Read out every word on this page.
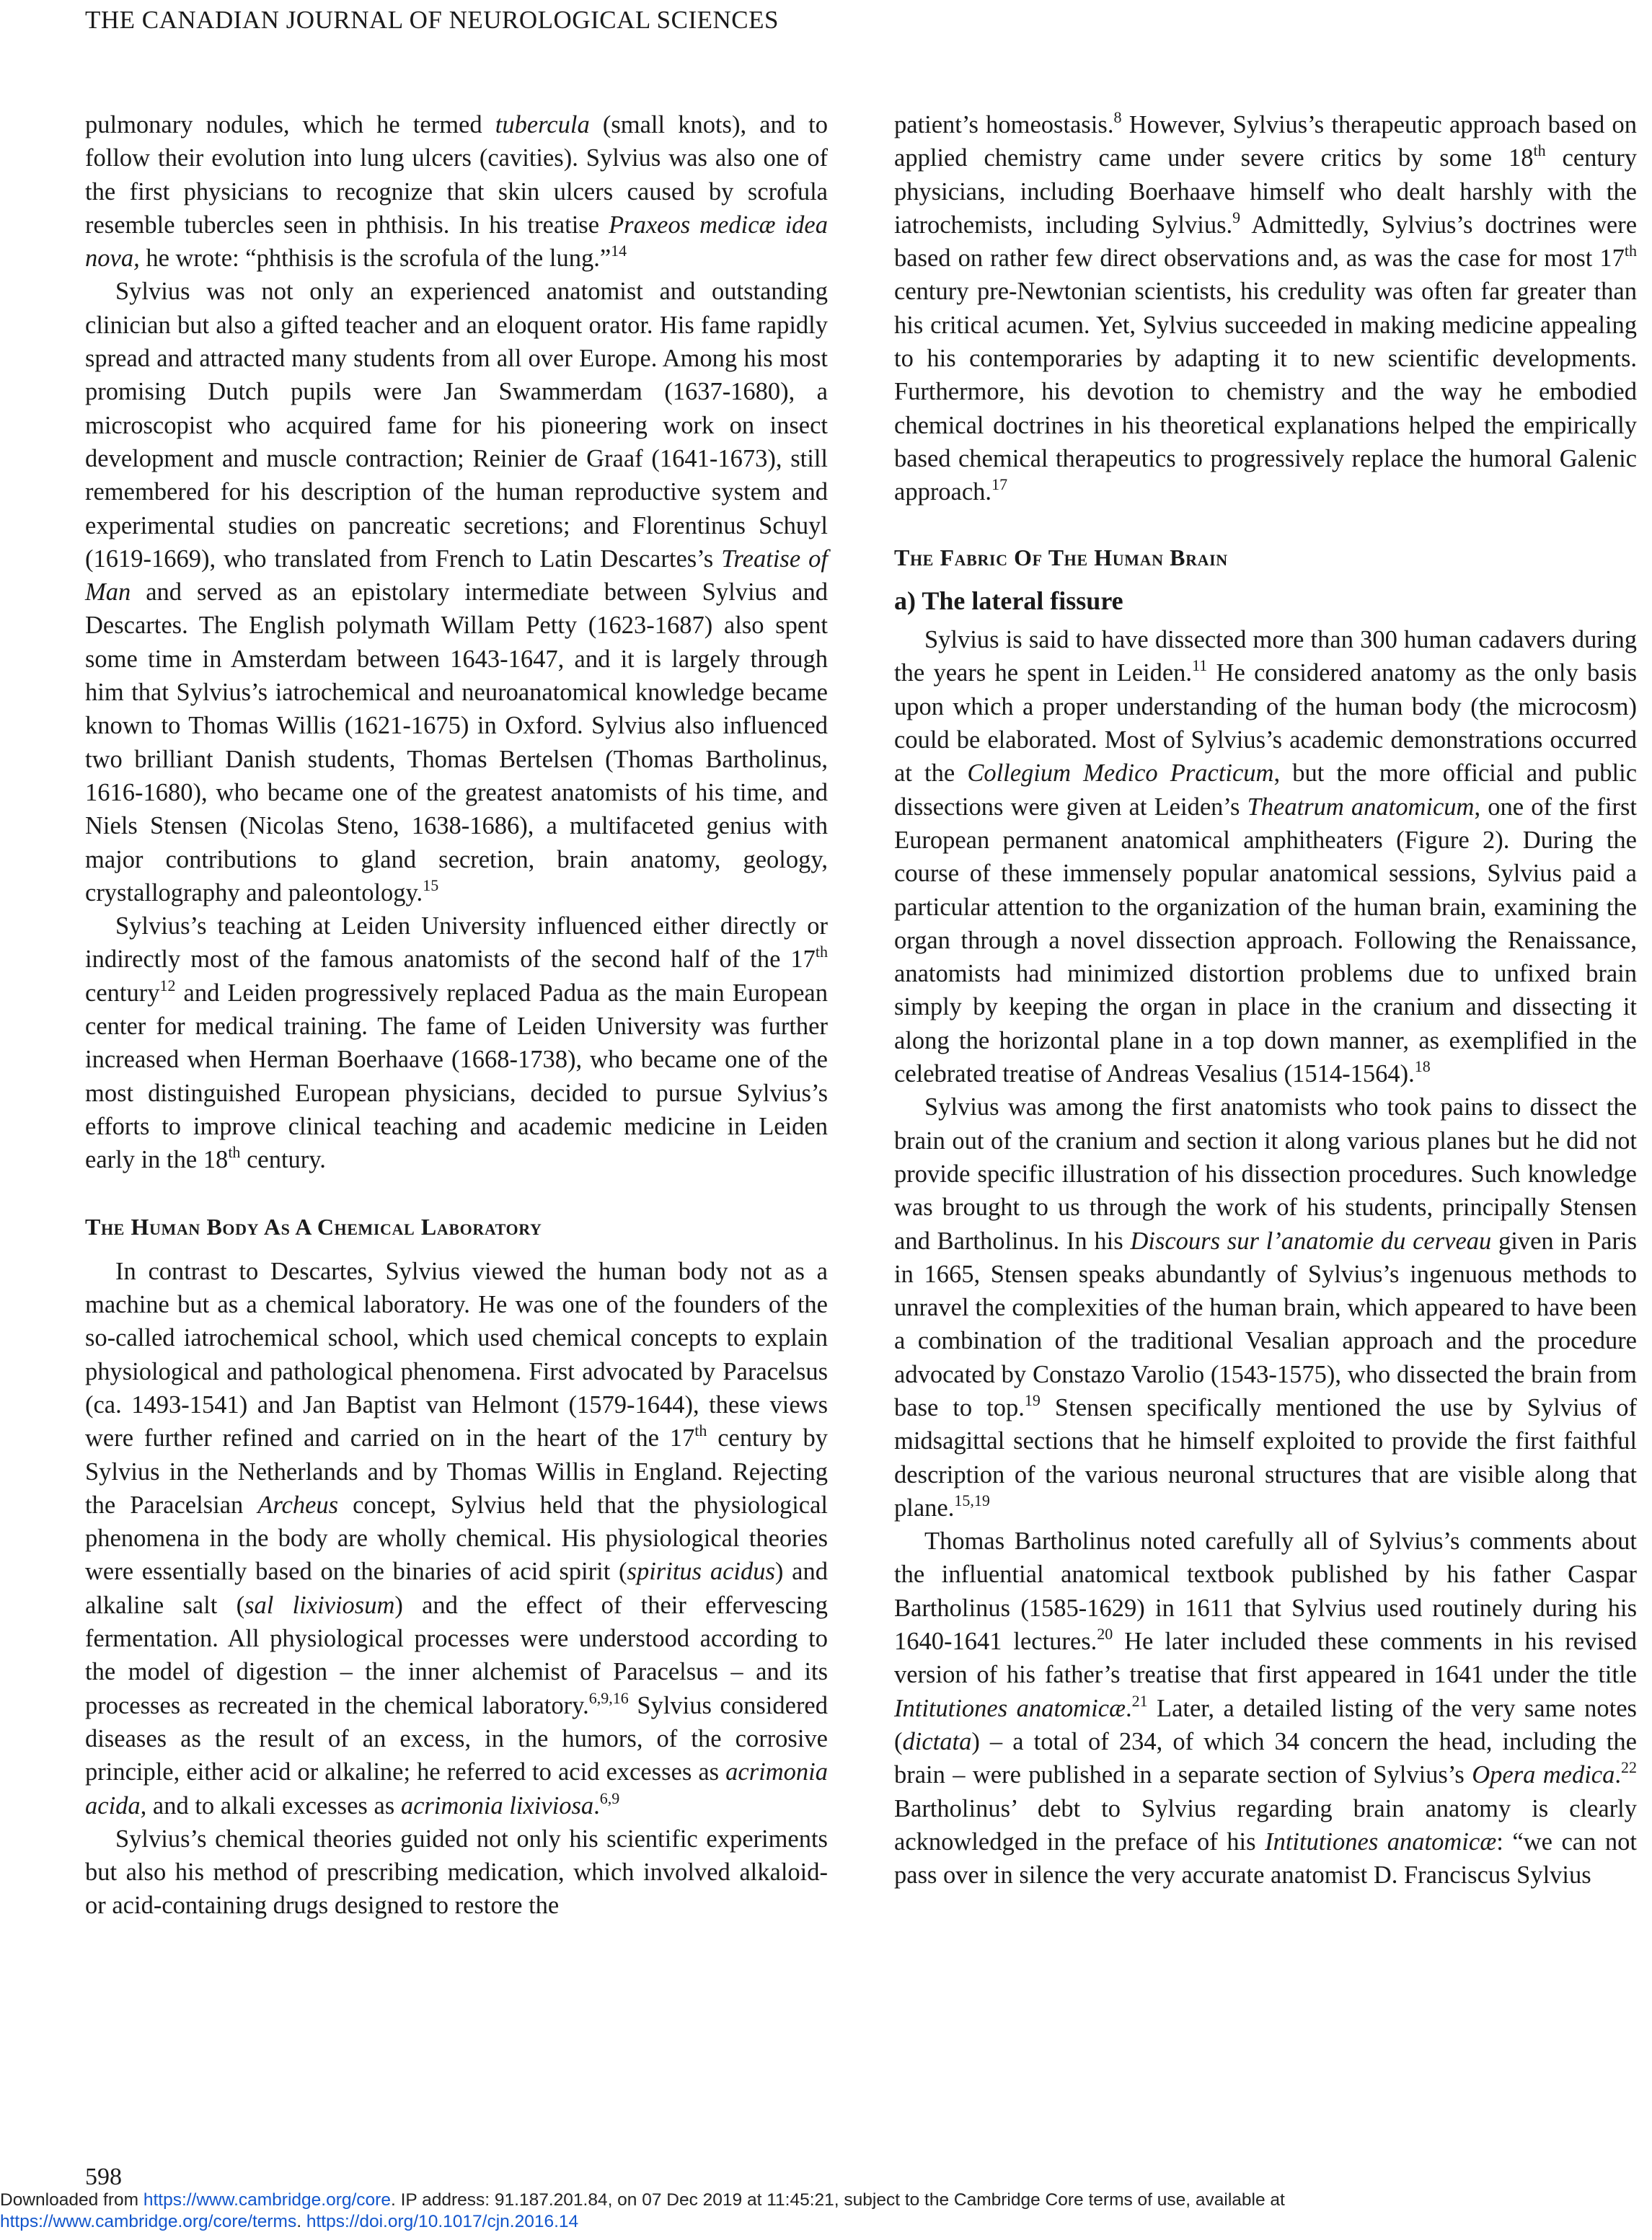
THE CANADIAN JOURNAL OF NEUROLOGICAL SCIENCES

pulmonary nodules, which he termed tubercula (small knots), and to follow their evolution into lung ulcers (cavities). Sylvius was also one of the first physicians to recognize that skin ulcers caused by scrofula resemble tubercles seen in phthisis. In his treatise Praxeos medicæ idea nova, he wrote: “phthisis is the scrofula of the lung.”$^{14}$

Sylvius was not only an experienced anatomist and outstanding clinician but also a gifted teacher and an eloquent orator. His fame rapidly spread and attracted many students from all over Europe. Among his most promising Dutch pupils were Jan Swammerdam (1637-1680), a microscopist who acquired fame for his pioneering work on insect development and muscle contraction; Reinier de Graaf (1641-1673), still remembered for his description of the human reproductive system and experimental studies on pancreatic secretions; and Florentinus Schuyl (1619-1669), who translated from French to Latin Descartes’s Treatise of Man and served as an epistolary intermediate between Sylvius and Descartes. The English polymath Willam Petty (1623-1687) also spent some time in Amsterdam between 1643-1647, and it is largely through him that Sylvius’s iatrochemical and neuroanatomical knowledge became known to Thomas Willis (1621-1675) in Oxford. Sylvius also influenced two brilliant Danish students, Thomas Bertelsen (Thomas Bartholinus, 1616-1680), who became one of the greatest anatomists of his time, and Niels Stensen (Nicolas Steno, 1638-1686), a multifaceted genius with major contributions to gland secretion, brain anatomy, geology, crystallography and paleontology.$^{15}$

Sylvius’s teaching at Leiden University influenced either directly or indirectly most of the famous anatomists of the second half of the 17th century$^{12}$ and Leiden progressively replaced Padua as the main European center for medical training. The fame of Leiden University was further increased when Herman Boerhaave (1668-1738), who became one of the most distinguished European physicians, decided to pursue Sylvius’s efforts to improve clinical teaching and academic medicine in Leiden early in the 18th century.

The Human Body As A Chemical Laboratory

In contrast to Descartes, Sylvius viewed the human body not as a machine but as a chemical laboratory. He was one of the founders of the so-called iatrochemical school, which used chemical concepts to explain physiological and pathological phenomena. First advocated by Paracelsus (ca. 1493-1541) and Jan Baptist van Helmont (1579-1644), these views were further refined and carried on in the heart of the 17th century by Sylvius in the Netherlands and by Thomas Willis in England. Rejecting the Paracelsian Archeus concept, Sylvius held that the physiological phenomena in the body are wholly chemical. His physiological theories were essentially based on the binaries of acid spirit (spiritus acidus) and alkaline salt (sal lixiviosum) and the effect of their effervescing fermentation. All physiological processes were understood according to the model of digestion – the inner alchemist of Paracelsus – and its processes as recreated in the chemical laboratory.$^{6,9,16}$ Sylvius considered diseases as the result of an excess, in the humors, of the corrosive principle, either acid or alkaline; he referred to acid excesses as acrimonia acida, and to alkali excesses as acrimonia lixiviosa.$^{6,9}$

Sylvius’s chemical theories guided not only his scientific experiments but also his method of prescribing medication, which involved alkaloid- or acid-containing drugs designed to restore the

patient’s homeostasis.$^8$ However, Sylvius’s therapeutic approach based on applied chemistry came under severe critics by some 18th century physicians, including Boerhaave himself who dealt harshly with the iatrochemists, including Sylvius.$^9$ Admittedly, Sylvius’s doctrines were based on rather few direct observations and, as was the case for most 17th century pre-Newtonian scientists, his credulity was often far greater than his critical acumen. Yet, Sylvius succeeded in making medicine appealing to his contemporaries by adapting it to new scientific developments. Furthermore, his devotion to chemistry and the way he embodied chemical doctrines in his theoretical explanations helped the empirically based chemical therapeutics to progressively replace the humoral Galenic approach.$^{17}$

The Fabric Of The Human Brain
a) The lateral fissure

Sylvius is said to have dissected more than 300 human cadavers during the years he spent in Leiden.$^{11}$ He considered anatomy as the only basis upon which a proper understanding of the human body (the microcosm) could be elaborated. Most of Sylvius’s academic demonstrations occurred at the Collegium Medico Practicum, but the more official and public dissections were given at Leiden’s Theatrum anatomicum, one of the first European permanent anatomical amphitheaters (Figure 2). During the course of these immensely popular anatomical sessions, Sylvius paid a particular attention to the organization of the human brain, examining the organ through a novel dissection approach. Following the Renaissance, anatomists had minimized distortion problems due to unfixed brain simply by keeping the organ in place in the cranium and dissecting it along the horizontal plane in a top down manner, as exemplified in the celebrated treatise of Andreas Vesalius (1514-1564).$^{18}$

Sylvius was among the first anatomists who took pains to dissect the brain out of the cranium and section it along various planes but he did not provide specific illustration of his dissection procedures. Such knowledge was brought to us through the work of his students, principally Stensen and Bartholinus. In his Discours sur l’anatomie du cerveau given in Paris in 1665, Stensen speaks abundantly of Sylvius’s ingenuous methods to unravel the complexities of the human brain, which appeared to have been a combination of the traditional Vesalian approach and the procedure advocated by Constazo Varolio (1543-1575), who dissected the brain from base to top.$^{19}$ Stensen specifically mentioned the use by Sylvius of midsagittal sections that he himself exploited to provide the first faithful description of the various neuronal structures that are visible along that plane.$^{15,19}$

Thomas Bartholinus noted carefully all of Sylvius’s comments about the influential anatomical textbook published by his father Caspar Bartholinus (1585-1629) in 1611 that Sylvius used routinely during his 1640-1641 lectures.$^{20}$ He later included these comments in his revised version of his father’s treatise that first appeared in 1641 under the title Intitutiones anatomicæ.$^{21}$ Later, a detailed listing of the very same notes (dictata) – a total of 234, of which 34 concern the head, including the brain – were published in a separate section of Sylvius’s Opera medica.$^{22}$ Bartholinus’ debt to Sylvius regarding brain anatomy is clearly acknowledged in the preface of his Intitutiones anatomicæ: “we can not pass over in silence the very accurate anatomist D. Franciscus Sylvius

598
Downloaded from https://www.cambridge.org/core. IP address: 91.187.201.84, on 07 Dec 2019 at 11:45:21, subject to the Cambridge Core terms of use, available at
https://www.cambridge.org/core/terms. https://doi.org/10.1017/cjn.2016.14
